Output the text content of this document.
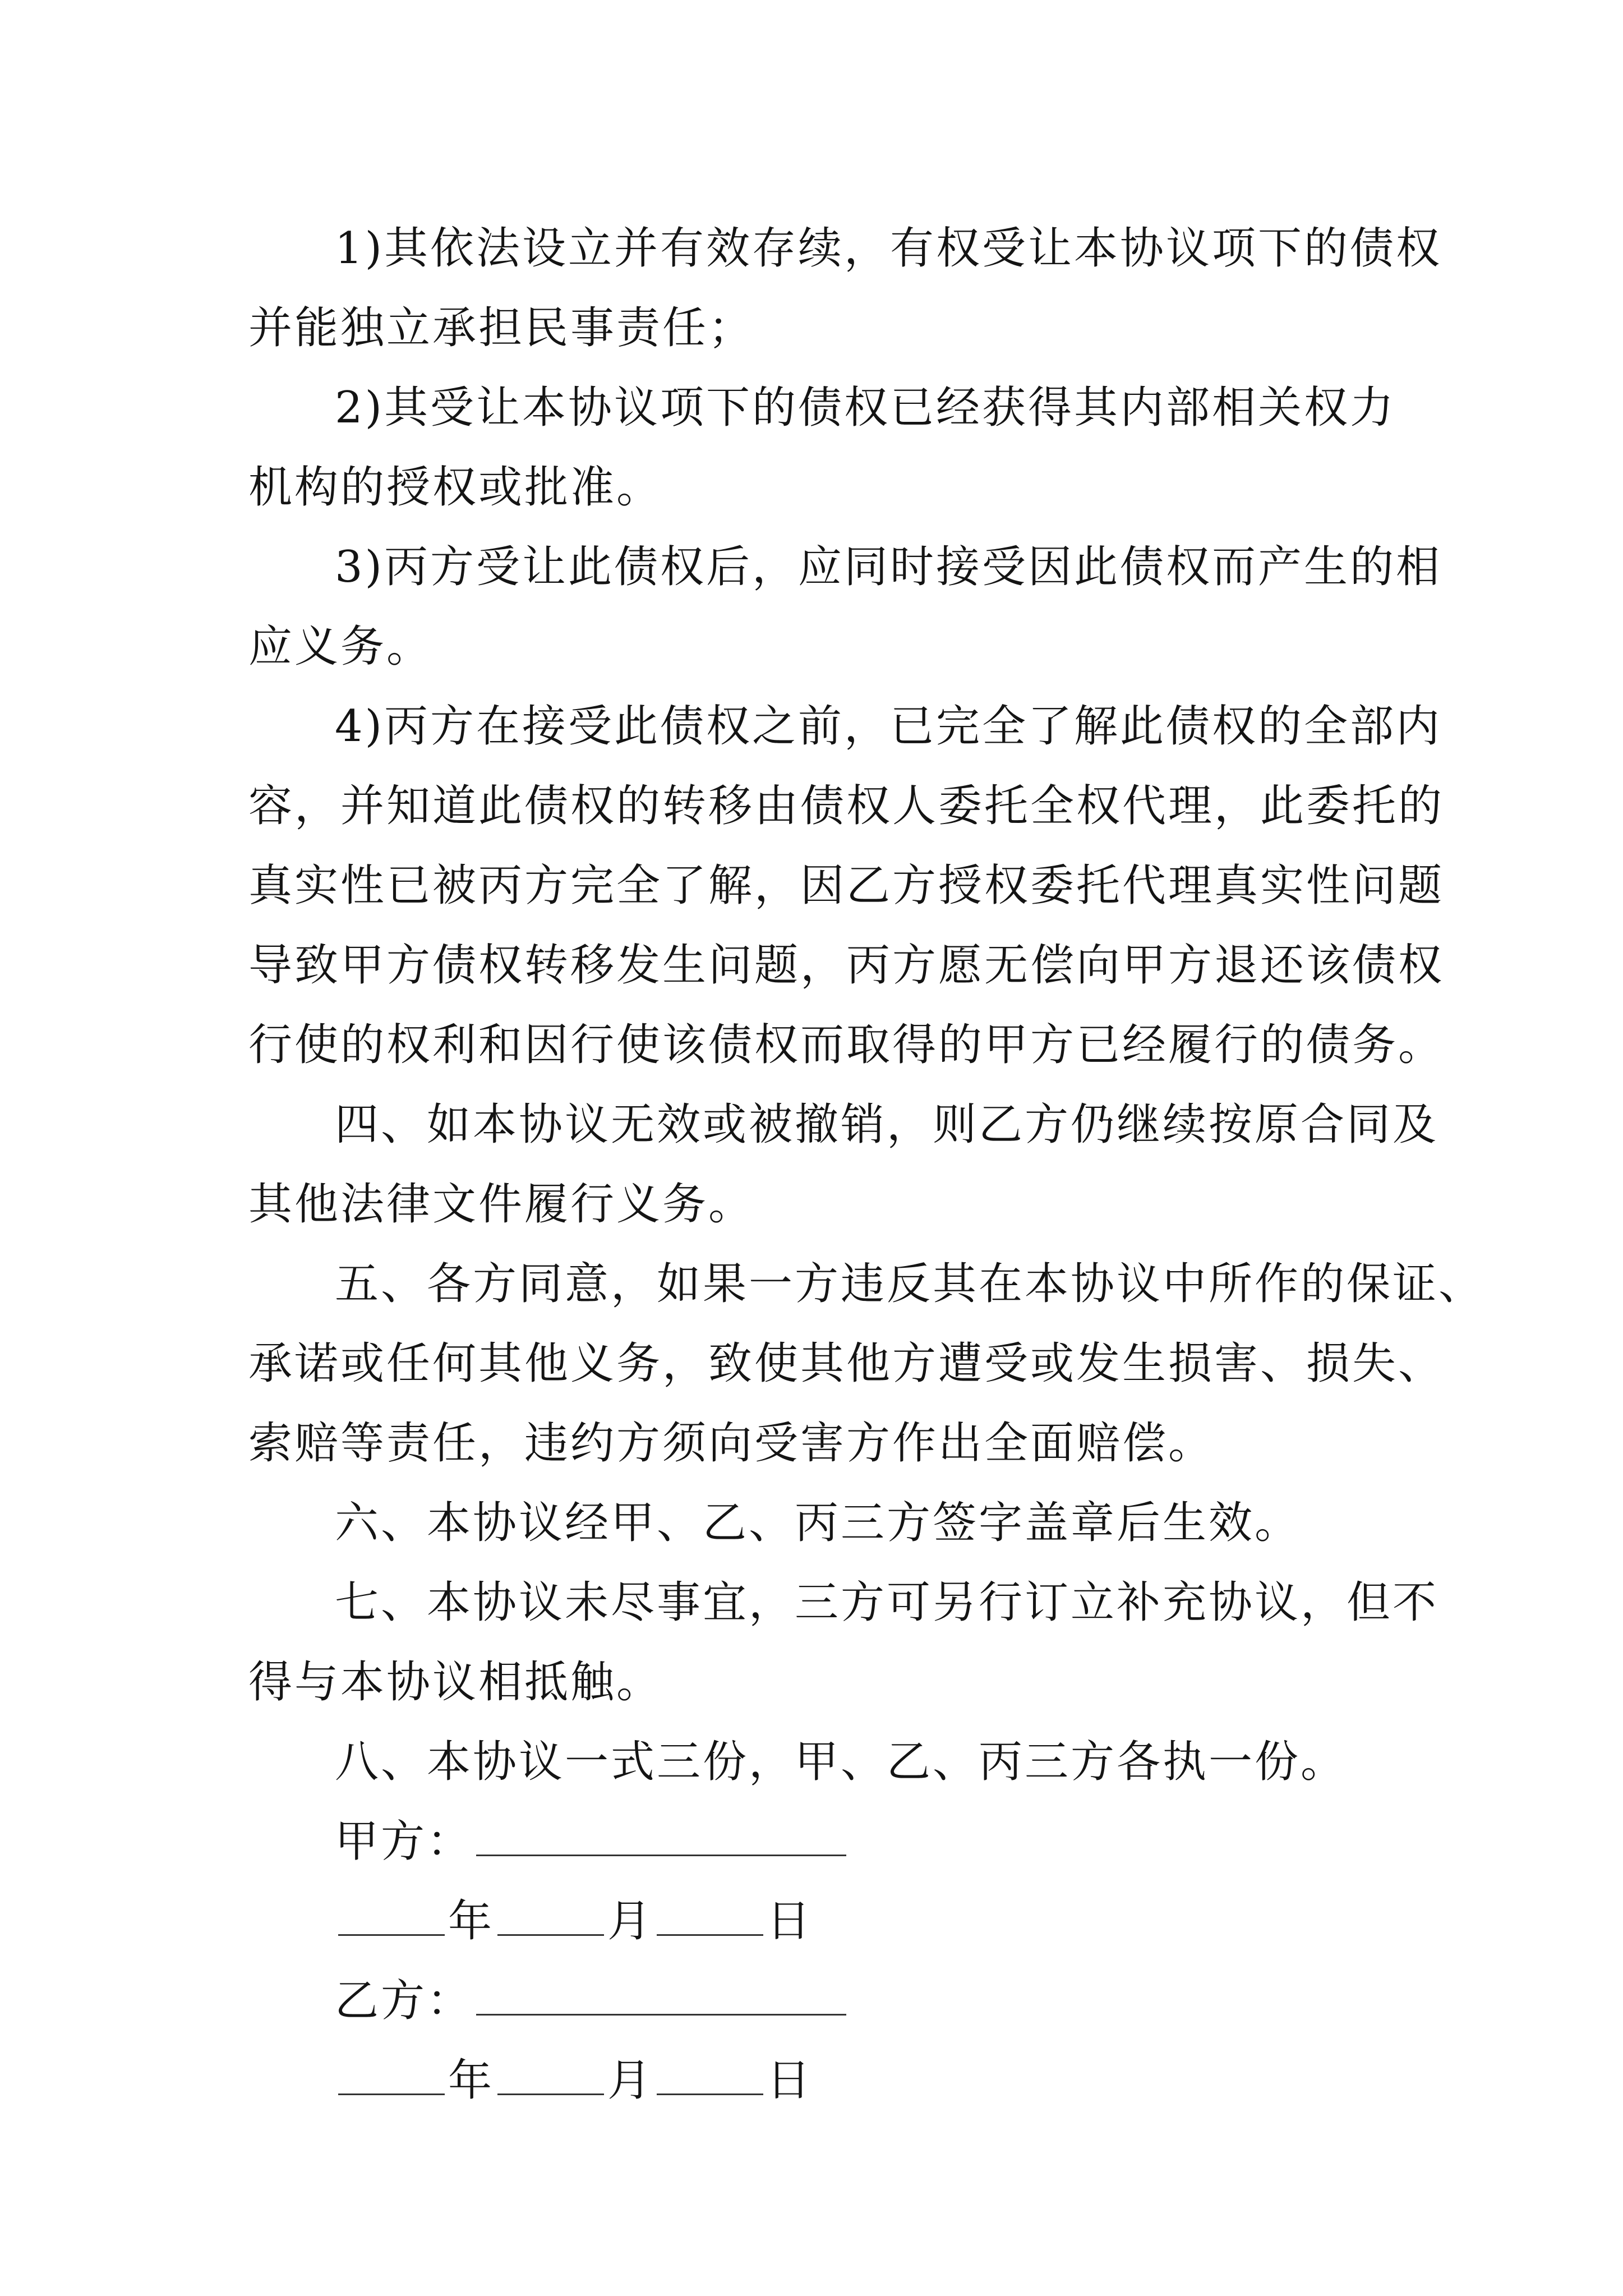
1)其依法设立并有效存续，有权受让本协议项下的债权
并能独立承担民事责任；
2)其受让本协议项下的债权已经获得其内部相关权力
机构的授权或批准。
3)丙方受让此债权后，应同时接受因此债权而产生的相
应义务。
4)丙方在接受此债权之前，已完全了解此债权的全部内
容，并知道此债权的转移由债权人委托全权代理，此委托的
真实性已被丙方完全了解，因乙方授权委托代理真实性问题
导致甲方债权转移发生问题，丙方愿无偿向甲方退还该债权
行使的权利和因行使该债权而取得的甲方已经履行的债务。
四、如本协议无效或被撤销，则乙方仍继续按原合同及
其他法律文件履行义务。
五、各方同意，如果一方违反其在本协议中所作的保证、
承诺或任何其他义务，致使其他方遭受或发生损害、损失、
索赔等责任，违约方须向受害方作出全面赔偿。
六、本协议经甲、乙、丙三方签字盖章后生效。
七、本协议未尽事宜，三方可另行订立补充协议，但不
得与本协议相抵触。
八、本协议一式三份，甲、乙、丙三方各执一份。
甲方：
年	月	日
乙方：
年	月	日
